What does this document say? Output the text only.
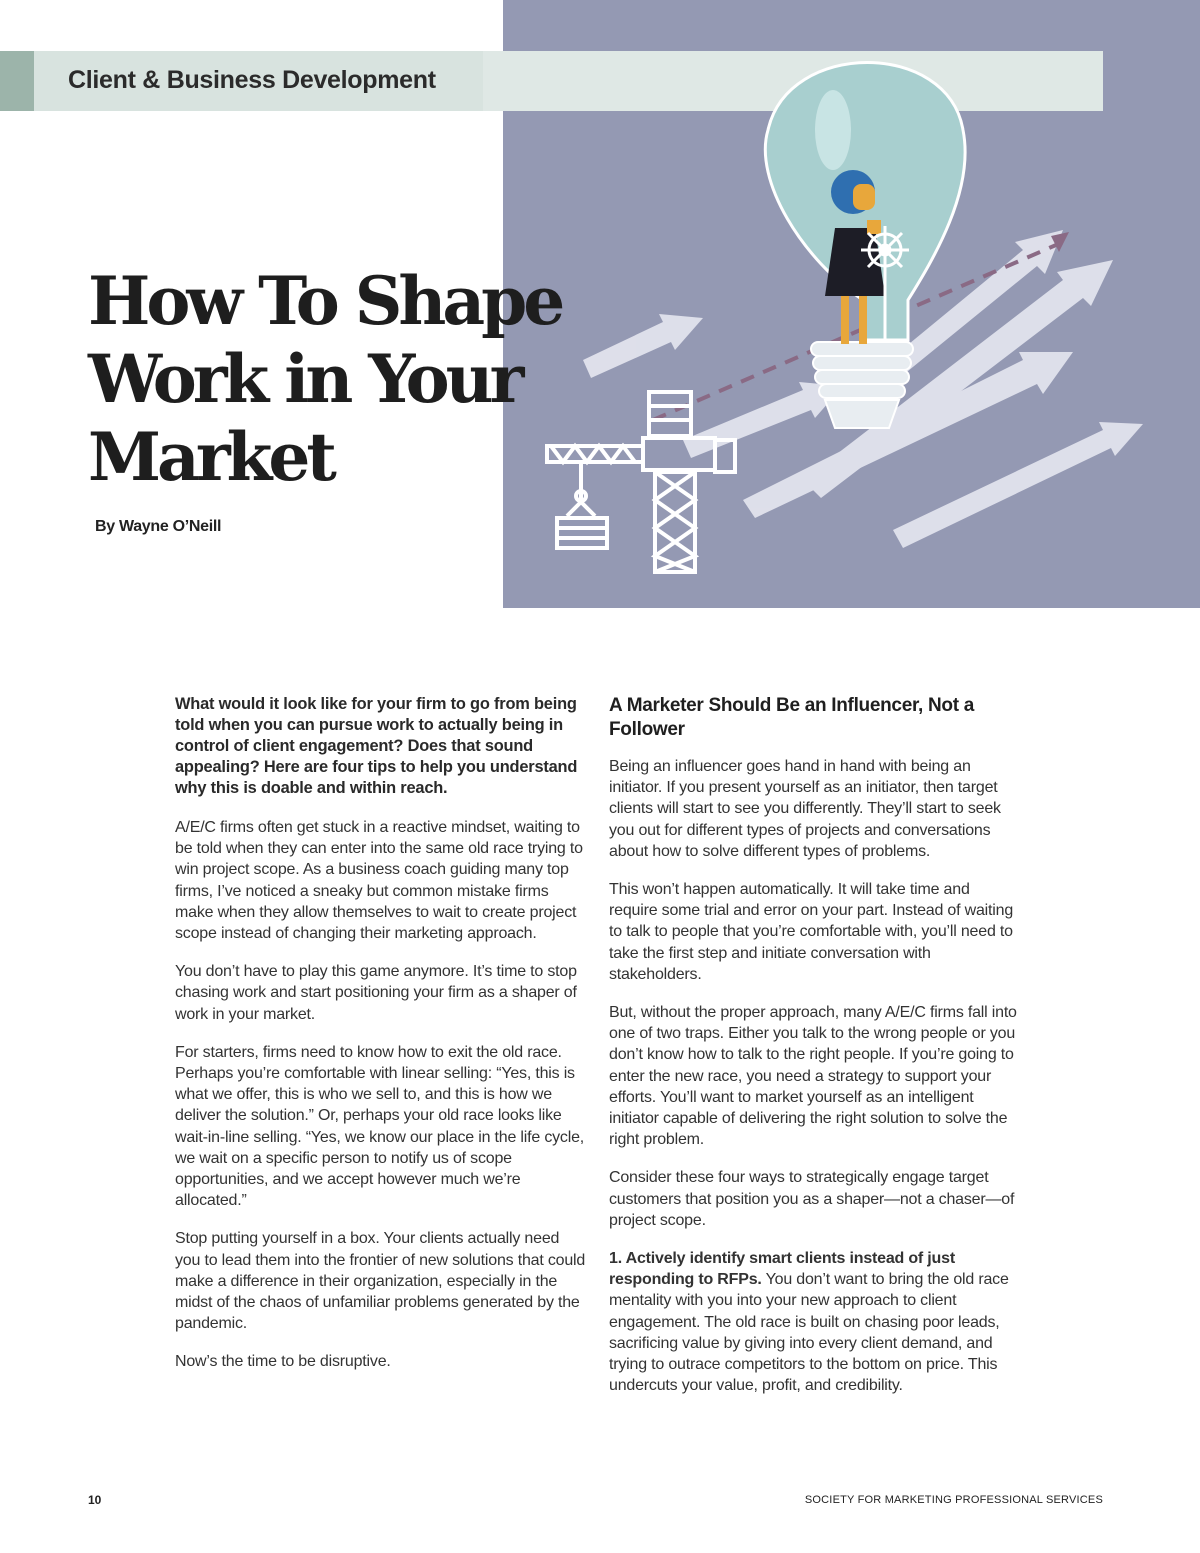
Client & Business Development
How To Shape
Work in Your
Market
By Wayne O’Neill

What would it look like for your firm to go from being told when you can pursue work to actually being in control of client engagement? Does that sound appealing? Here are four tips to help you understand why this is doable and within reach.

A/E/C firms often get stuck in a reactive mindset, waiting to be told when they can enter into the same old race trying to win project scope. As a business coach guiding many top firms, I’ve noticed a sneaky but common mistake firms make when they allow themselves to wait to create project scope instead of changing their marketing approach.

You don’t have to play this game anymore. It’s time to stop chasing work and start positioning your firm as a shaper of work in your market.

For starters, firms need to know how to exit the old race. Perhaps you’re comfortable with linear selling: “Yes, this is what we offer, this is who we sell to, and this is how we deliver the solution.” Or, perhaps your old race looks like wait-in-line selling. “Yes, we know our place in the life cycle, we wait on a specific person to notify us of scope opportunities, and we accept however much we’re allocated.”

Stop putting yourself in a box. Your clients actually need you to lead them into the frontier of new solutions that could make a difference in their organization, especially in the midst of the chaos of unfamiliar problems generated by the pandemic.

Now’s the time to be disruptive.

A Marketer Should Be an Influencer, Not a Follower

Being an influencer goes hand in hand with being an initiator. If you present yourself as an initiator, then target clients will start to see you differently. They’ll start to seek you out for different types of projects and conversations about how to solve different types of problems.

This won’t happen automatically. It will take time and require some trial and error on your part. Instead of waiting to talk to people that you’re comfortable with, you’ll need to take the first step and initiate conversation with stakeholders.

But, without the proper approach, many A/E/C firms fall into one of two traps. Either you talk to the wrong people or you don’t know how to talk to the right people. If you’re going to enter the new race, you need a strategy to support your efforts. You’ll want to market yourself as an intelligent initiator capable of delivering the right solution to solve the right problem.

Consider these four ways to strategically engage target customers that position you as a shaper—not a chaser—of project scope.

1. Actively identify smart clients instead of just responding to RFPs. You don’t want to bring the old race mentality with you into your new approach to client engagement. The old race is built on chasing poor leads, sacrificing value by giving into every client demand, and trying to outrace competitors to the bottom on price. This undercuts your value, profit, and credibility.

10	SOCIETY FOR MARKETING PROFESSIONAL SERVICES
